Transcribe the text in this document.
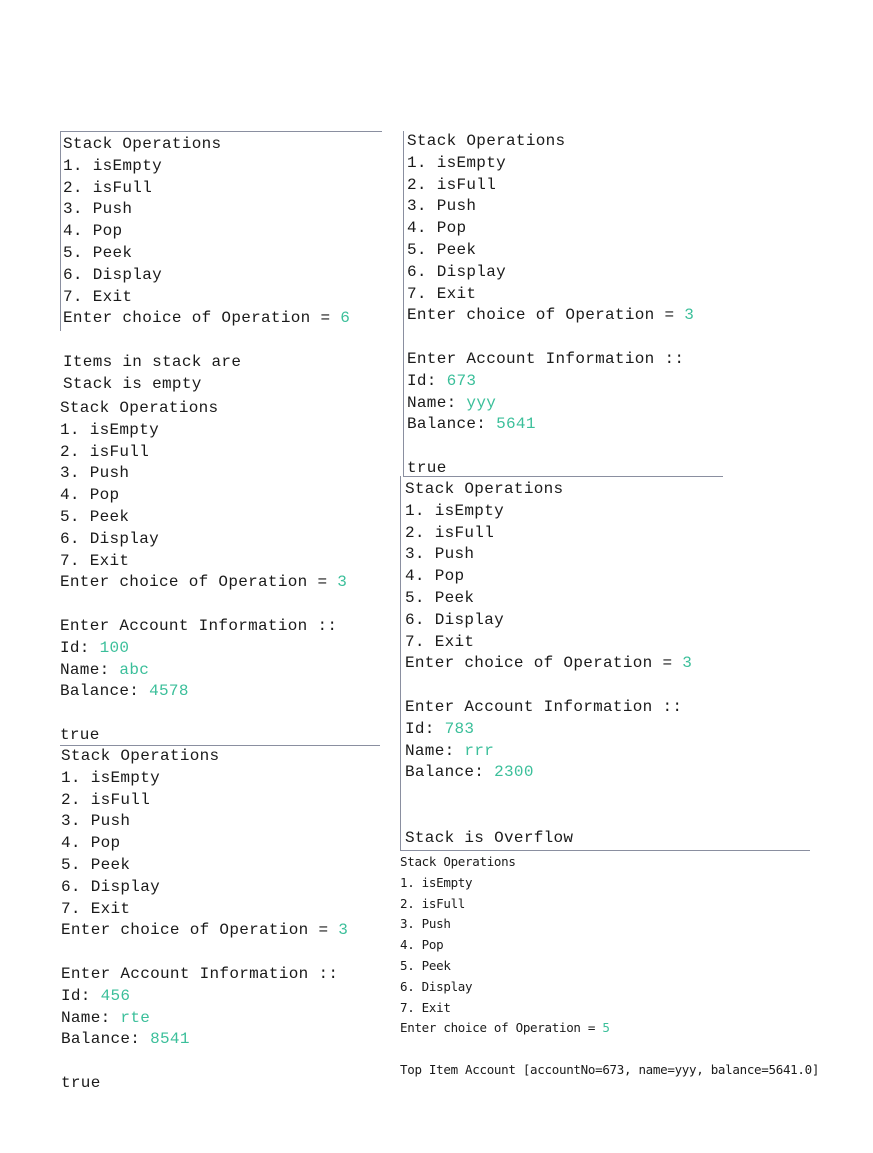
Stack Operations
1. isEmpty
2. isFull
3. Push
4. Pop
5. Peek
6. Display
7. Exit
Enter choice of Operation = 6
Items in stack are
Stack is empty
Stack Operations
1. isEmpty
2. isFull
3. Push
4. Pop
5. Peek
6. Display
7. Exit
Enter choice of Operation = 3
Enter Account Information ::
Id: 100
Name: abc
Balance: 4578
true
Stack Operations
1. isEmpty
2. isFull
3. Push
4. Pop
5. Peek
6. Display
7. Exit
Enter choice of Operation = 3
Enter Account Information ::
Id: 456
Name: rte
Balance: 8541
true
Stack Operations
1. isEmpty
2. isFull
3. Push
4. Pop
5. Peek
6. Display
7. Exit
Enter choice of Operation = 3
Enter Account Information ::
Id: 673
Name: yyy
Balance: 5641
true
Stack Operations
1. isEmpty
2. isFull
3. Push
4. Pop
5. Peek
6. Display
7. Exit
Enter choice of Operation = 3
Enter Account Information ::
Id: 783
Name: rrr
Balance: 2300
Stack is Overflow
Stack Operations
1. isEmpty
2. isFull
3. Push
4. Pop
5. Peek
6. Display
7. Exit
Enter choice of Operation = 5
Top Item Account [accountNo=673, name=yyy, balance=5641.0]
